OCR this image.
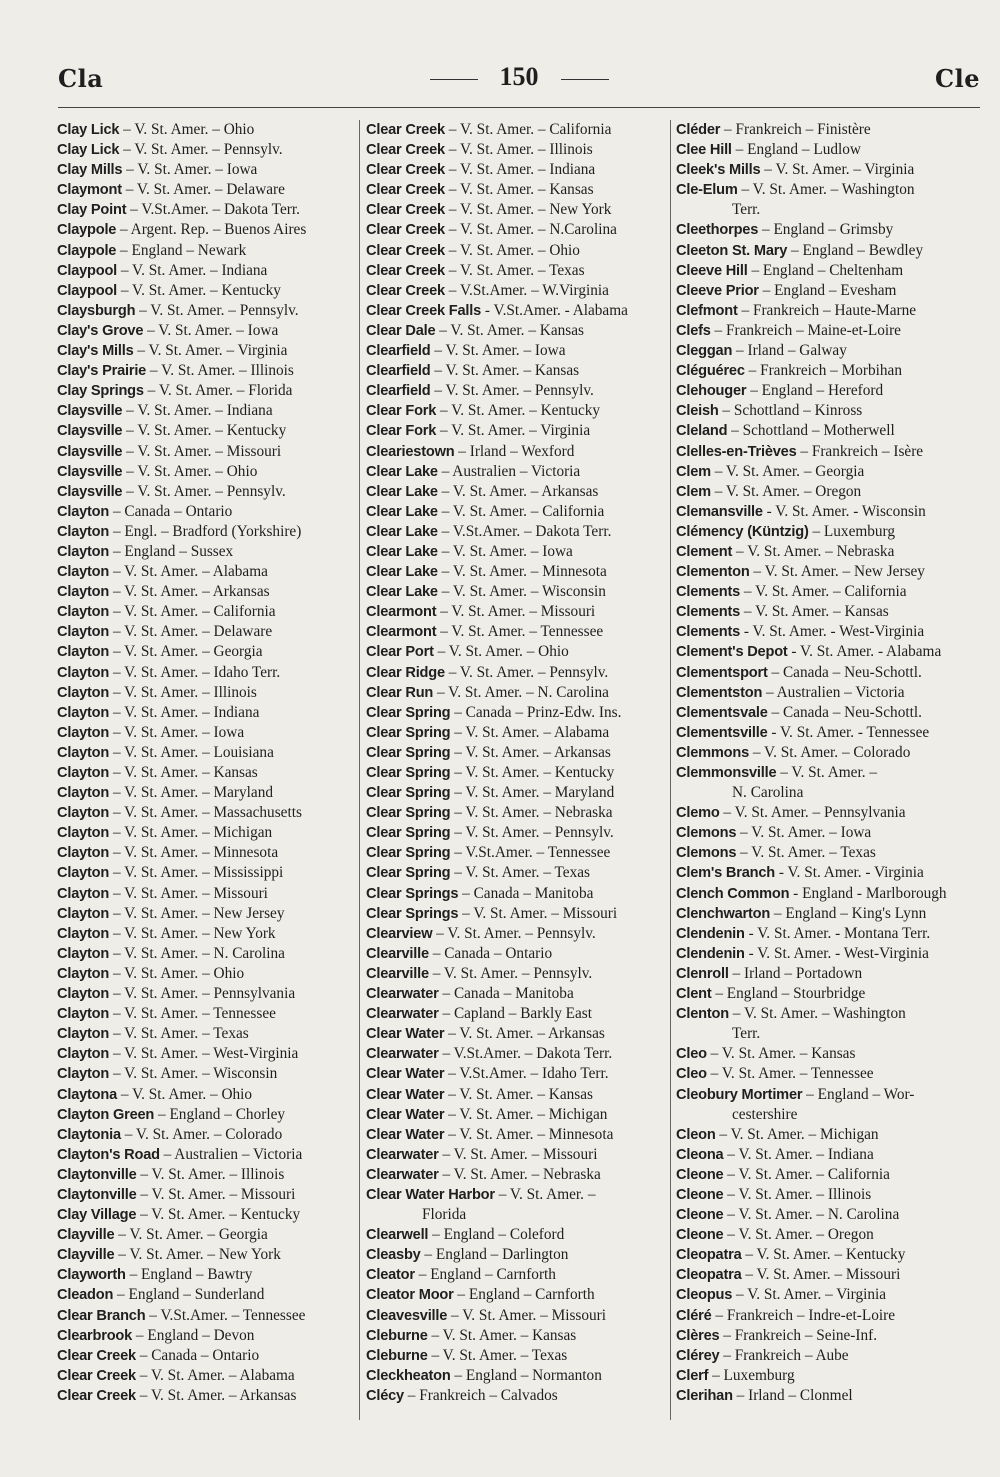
Cla	150	Cle
Clay Lick – V. St. Amer. – Ohio
Clay Lick – V. St. Amer. – Pennsylv.
Clay Mills – V. St. Amer. – Iowa
Claymont – V. St. Amer. – Delaware
Clay Point – V.St.Amer. – Dakota Terr.
Claypole – Argent. Rep. – Buenos Aires
Claypole – England – Newark
Claypool – V. St. Amer. – Indiana
Claypool – V. St. Amer. – Kentucky
Claysburgh – V. St. Amer. – Pennsylv.
Clay's Grove – V. St. Amer. – Iowa
Clay's Mills – V. St. Amer. – Virginia
Clay's Prairie – V. St. Amer. – Illinois
Clay Springs – V. St. Amer. – Florida
Claysville – V. St. Amer. – Indiana
Claysville – V. St. Amer. – Kentucky
Claysville – V. St. Amer. – Missouri
Claysville – V. St. Amer. – Ohio
Claysville – V. St. Amer. – Pennsylv.
Clayton – Canada – Ontario
Clayton – Engl. – Bradford (Yorkshire)
Clayton – England – Sussex
Clayton – V. St. Amer. – Alabama
Clayton – V. St. Amer. – Arkansas
Clayton – V. St. Amer. – California
Clayton – V. St. Amer. – Delaware
Clayton – V. St. Amer. – Georgia
Clayton – V. St. Amer. – Idaho Terr.
Clayton – V. St. Amer. – Illinois
Clayton – V. St. Amer. – Indiana
Clayton – V. St. Amer. – Iowa
Clayton – V. St. Amer. – Louisiana
Clayton – V. St. Amer. – Kansas
Clayton – V. St. Amer. – Maryland
Clayton – V. St. Amer. – Massachusetts
Clayton – V. St. Amer. – Michigan
Clayton – V. St. Amer. – Minnesota
Clayton – V. St. Amer. – Mississippi
Clayton – V. St. Amer. – Missouri
Clayton – V. St. Amer. – New Jersey
Clayton – V. St. Amer. – New York
Clayton – V. St. Amer. – N. Carolina
Clayton – V. St. Amer. – Ohio
Clayton – V. St. Amer. – Pennsylvania
Clayton – V. St. Amer. – Tennessee
Clayton – V. St. Amer. – Texas
Clayton – V. St. Amer. – West-Virginia
Clayton – V. St. Amer. – Wisconsin
Claytona – V. St. Amer. – Ohio
Clayton Green – England – Chorley
Claytonia – V. St. Amer. – Colorado
Clayton's Road – Australien – Victoria
Claytonville – V. St. Amer. – Illinois
Claytonville – V. St. Amer. – Missouri
Clay Village – V. St. Amer. – Kentucky
Clayville – V. St. Amer. – Georgia
Clayville – V. St. Amer. – New York
Clayworth – England – Bawtry
Cleadon – England – Sunderland
Clear Branch – V.St.Amer. – Tennessee
Clearbrook – England – Devon
Clear Creek – Canada – Ontario
Clear Creek – V. St. Amer. – Alabama
Clear Creek – V. St. Amer. – Arkansas
Clear Creek – V. St. Amer. – California
Clear Creek – V. St. Amer. – Illinois
Clear Creek – V. St. Amer. – Indiana
Clear Creek – V. St. Amer. – Kansas
Clear Creek – V. St. Amer. – New York
Clear Creek – V. St. Amer. – N.Carolina
Clear Creek – V. St. Amer. – Ohio
Clear Creek – V. St. Amer. – Texas
Clear Creek – V.St.Amer. – W.Virginia
Clear Creek Falls - V.St.Amer. - Alabama
Clear Dale – V. St. Amer. – Kansas
Clearfield – V. St. Amer. – Iowa
Clearfield – V. St. Amer. – Kansas
Clearfield – V. St. Amer. – Pennsylv.
Clear Fork – V. St. Amer. – Kentucky
Clear Fork – V. St. Amer. – Virginia
Cleariestown – Irland – Wexford
Clear Lake – Australien – Victoria
Clear Lake – V. St. Amer. – Arkansas
Clear Lake – V. St. Amer. – California
Clear Lake – V.St.Amer. – Dakota Terr.
Clear Lake – V. St. Amer. – Iowa
Clear Lake – V. St. Amer. – Minnesota
Clear Lake – V. St. Amer. – Wisconsin
Clearmont – V. St. Amer. – Missouri
Clearmont – V. St. Amer. – Tennessee
Clear Port – V. St. Amer. – Ohio
Clear Ridge – V. St. Amer. – Pennsylv.
Clear Run – V. St. Amer. – N. Carolina
Clear Spring – Canada – Prinz-Edw. Ins.
Clear Spring – V. St. Amer. – Alabama
Clear Spring – V. St. Amer. – Arkansas
Clear Spring – V. St. Amer. – Kentucky
Clear Spring – V. St. Amer. – Maryland
Clear Spring – V. St. Amer. – Nebraska
Clear Spring – V. St. Amer. – Pennsylv.
Clear Spring – V.St.Amer. – Tennessee
Clear Spring – V. St. Amer. – Texas
Clear Springs – Canada – Manitoba
Clear Springs – V. St. Amer. – Missouri
Clearview – V. St. Amer. – Pennsylv.
Clearville – Canada – Ontario
Clearville – V. St. Amer. – Pennsylv.
Clearwater – Canada – Manitoba
Clearwater – Capland – Barkly East
Clear Water – V. St. Amer. – Arkansas
Clearwater – V.St.Amer. – Dakota Terr.
Clear Water – V.St.Amer. – Idaho Terr.
Clear Water – V. St. Amer. – Kansas
Clear Water – V. St. Amer. – Michigan
Clear Water – V. St. Amer. – Minnesota
Clearwater – V. St. Amer. – Missouri
Clearwater – V. St. Amer. – Nebraska
Clear Water Harbor – V. St. Amer. –
Florida
Clearwell – England – Coleford
Cleasby – England – Darlington
Cleator – England – Carnforth
Cleator Moor – England – Carnforth
Cleavesville – V. St. Amer. – Missouri
Cleburne – V. St. Amer. – Kansas
Cleburne – V. St. Amer. – Texas
Cleckheaton – England – Normanton
Clécy – Frankreich – Calvados
Cléder – Frankreich – Finistère
Clee Hill – England – Ludlow
Cleek's Mills – V. St. Amer. – Virginia
Cle-Elum – V. St. Amer. – Washington
Terr.
Cleethorpes – England – Grimsby
Cleeton St. Mary – England – Bewdley
Cleeve Hill – England – Cheltenham
Cleeve Prior – England – Evesham
Clefmont – Frankreich – Haute-Marne
Clefs – Frankreich – Maine-et-Loire
Cleggan – Irland – Galway
Cléguérec – Frankreich – Morbihan
Clehouger – England – Hereford
Cleish – Schottland – Kinross
Cleland – Schottland – Motherwell
Clelles-en-Trièves – Frankreich – Isère
Clem – V. St. Amer. – Georgia
Clem – V. St. Amer. – Oregon
Clemansville - V. St. Amer. - Wisconsin
Clémency (Küntzig) – Luxemburg
Clement – V. St. Amer. – Nebraska
Clementon – V. St. Amer. – New Jersey
Clements – V. St. Amer. – California
Clements – V. St. Amer. – Kansas
Clements - V. St. Amer. - West-Virginia
Clement's Depot - V. St. Amer. - Alabama
Clementsport – Canada – Neu-Schottl.
Clementston – Australien – Victoria
Clementsvale – Canada – Neu-Schottl.
Clementsville - V. St. Amer. - Tennessee
Clemmons – V. St. Amer. – Colorado
Clemmonsville – V. St. Amer. –
N. Carolina
Clemo – V. St. Amer. – Pennsylvania
Clemons – V. St. Amer. – Iowa
Clemons – V. St. Amer. – Texas
Clem's Branch - V. St. Amer. - Virginia
Clench Common - England - Marlborough
Clenchwarton – England – King's Lynn
Clendenin - V. St. Amer. - Montana Terr.
Clendenin - V. St. Amer. - West-Virginia
Clenroll – Irland – Portadown
Clent – England – Stourbridge
Clenton – V. St. Amer. – Washington
Terr.
Cleo – V. St. Amer. – Kansas
Cleo – V. St. Amer. – Tennessee
Cleobury Mortimer – England – Wor-
cestershire
Cleon – V. St. Amer. – Michigan
Cleona – V. St. Amer. – Indiana
Cleone – V. St. Amer. – California
Cleone – V. St. Amer. – Illinois
Cleone – V. St. Amer. – N. Carolina
Cleone – V. St. Amer. – Oregon
Cleopatra – V. St. Amer. – Kentucky
Cleopatra – V. St. Amer. – Missouri
Cleopus – V. St. Amer. – Virginia
Cléré – Frankreich – Indre-et-Loire
Clères – Frankreich – Seine-Inf.
Clérey – Frankreich – Aube
Clerf – Luxemburg
Clerihan – Irland – Clonmel
